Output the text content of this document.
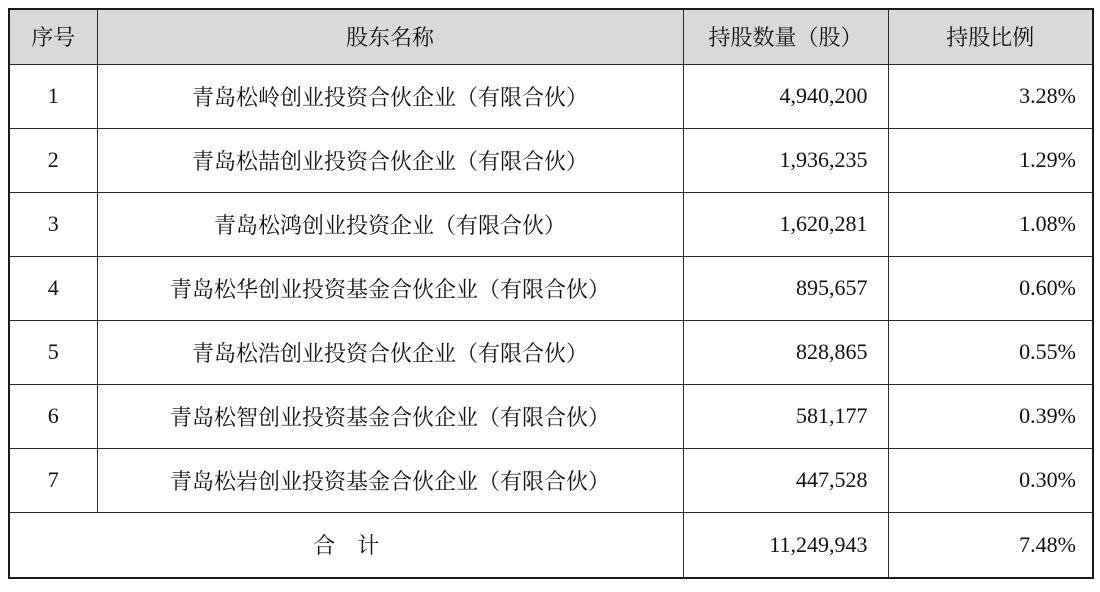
序号	股东名称	持股数量（股）	持股比例
1	青岛松岭创业投资合伙企业（有限合伙）	4,940,200	3.28%
2	青岛松喆创业投资合伙企业（有限合伙）	1,936,235	1.29%
3	青岛松鸿创业投资企业（有限合伙）	1,620,281	1.08%
4	青岛松华创业投资基金合伙企业（有限合伙）	895,657	0.60%
5	青岛松浩创业投资合伙企业（有限合伙）	828,865	0.55%
6	青岛松智创业投资基金合伙企业（有限合伙）	581,177	0.39%
7	青岛松岩创业投资基金合伙企业（有限合伙）	447,528	0.30%
合　计		11,249,943	7.48%
